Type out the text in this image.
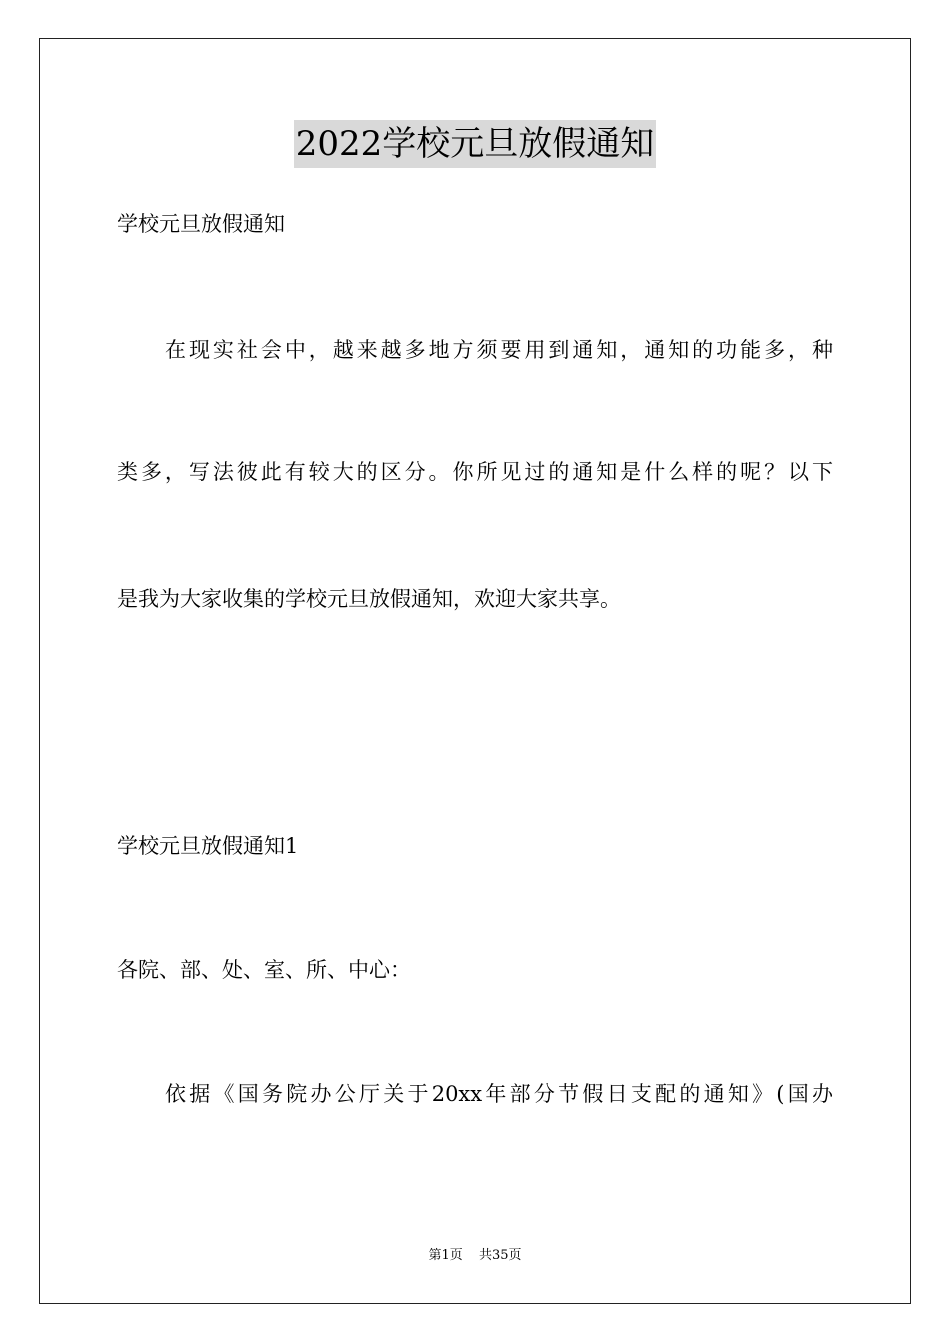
2022学校元旦放假通知
学校元旦放假通知
在现实社会中，越来越多地方须要用到通知，通知的功能多，种
类多，写法彼此有较大的区分。你所见过的通知是什么样的呢？以下
是我为大家收集的学校元旦放假通知，欢迎大家共享。
学校元旦放假通知1
各院、部、处、室、所、中心：
依据《国务院办公厅关于20xx年部分节假日支配的通知》(国办
第1页 共35页
